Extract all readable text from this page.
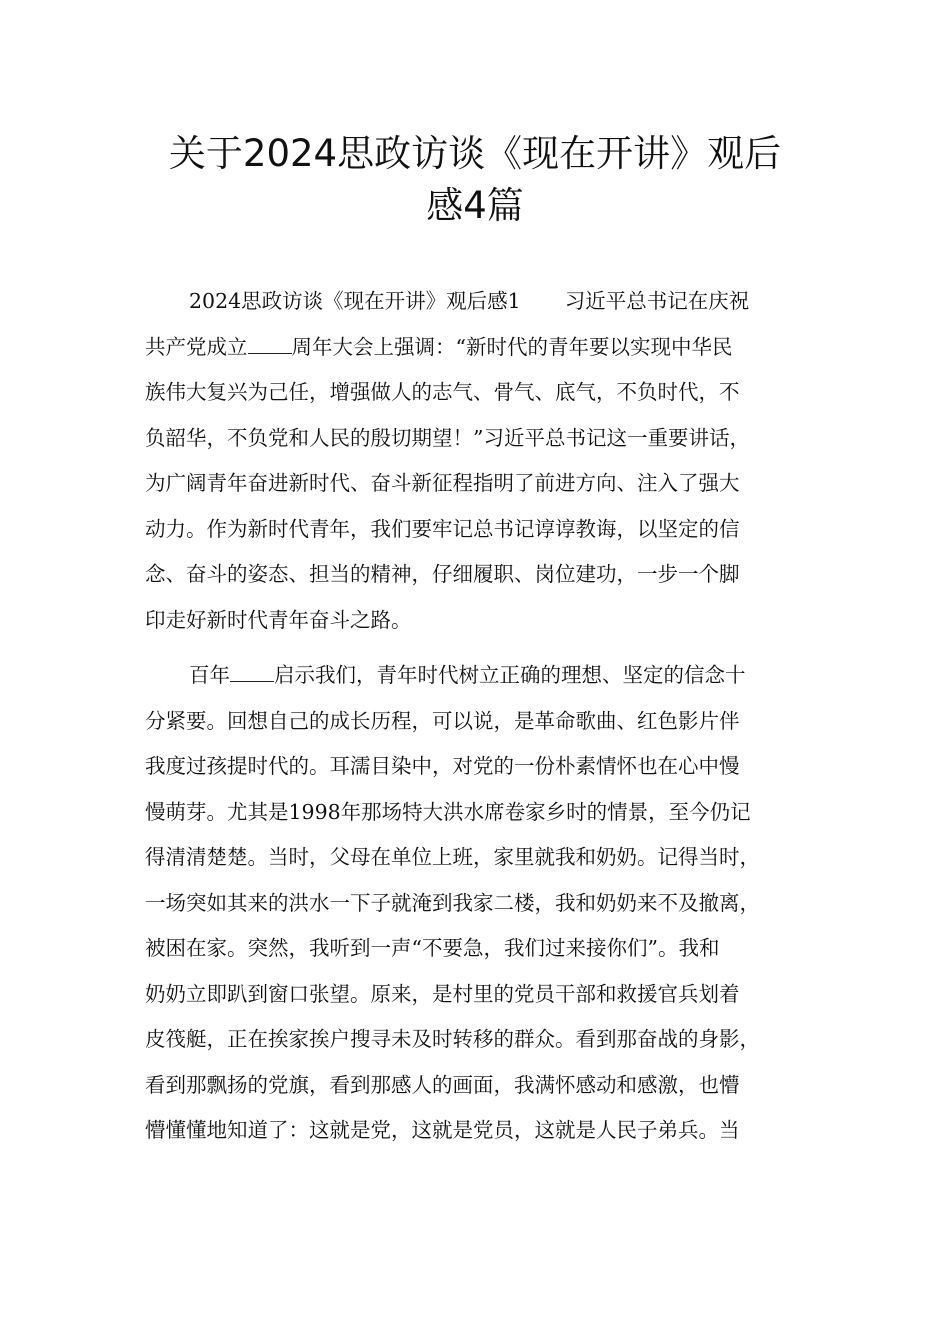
关于2024思政访谈《现在开讲》观后
感4篇
2024思政访谈《现在开讲》观后感1 习近平总书记在庆祝
共产党成立 周年大会上强调：“新时代的青年要以实现中华民
族伟大复兴为己任，增强做人的志气、骨气、底气，不负时代，不
负韶华，不负党和人民的殷切期望！”习近平总书记这一重要讲话，
为广阔青年奋进新时代、奋斗新征程指明了前进方向、注入了强大
动力。作为新时代青年，我们要牢记总书记谆谆教诲，以坚定的信
念、奋斗的姿态、担当的精神，仔细履职、岗位建功，一步一个脚
印走好新时代青年奋斗之路。
百年 启示我们，青年时代树立正确的理想、坚定的信念十
分紧要。回想自己的成长历程，可以说，是革命歌曲、红色影片伴
我度过孩提时代的。耳濡目染中，对党的一份朴素情怀也在心中慢
慢萌芽。尤其是1998年那场特大洪水席卷家乡时的情景，至今仍记
得清清楚楚。当时，父母在单位上班，家里就我和奶奶。记得当时，
一场突如其来的洪水一下子就淹到我家二楼，我和奶奶来不及撤离，
被困在家。突然，我听到一声“不要急，我们过来接你们”。我和
奶奶立即趴到窗口张望。原来，是村里的党员干部和救援官兵划着
皮筏艇，正在挨家挨户搜寻未及时转移的群众。看到那奋战的身影，
看到那飘扬的党旗，看到那感人的画面，我满怀感动和感激，也懵
懵懂懂地知道了：这就是党，这就是党员，这就是人民子弟兵。当
